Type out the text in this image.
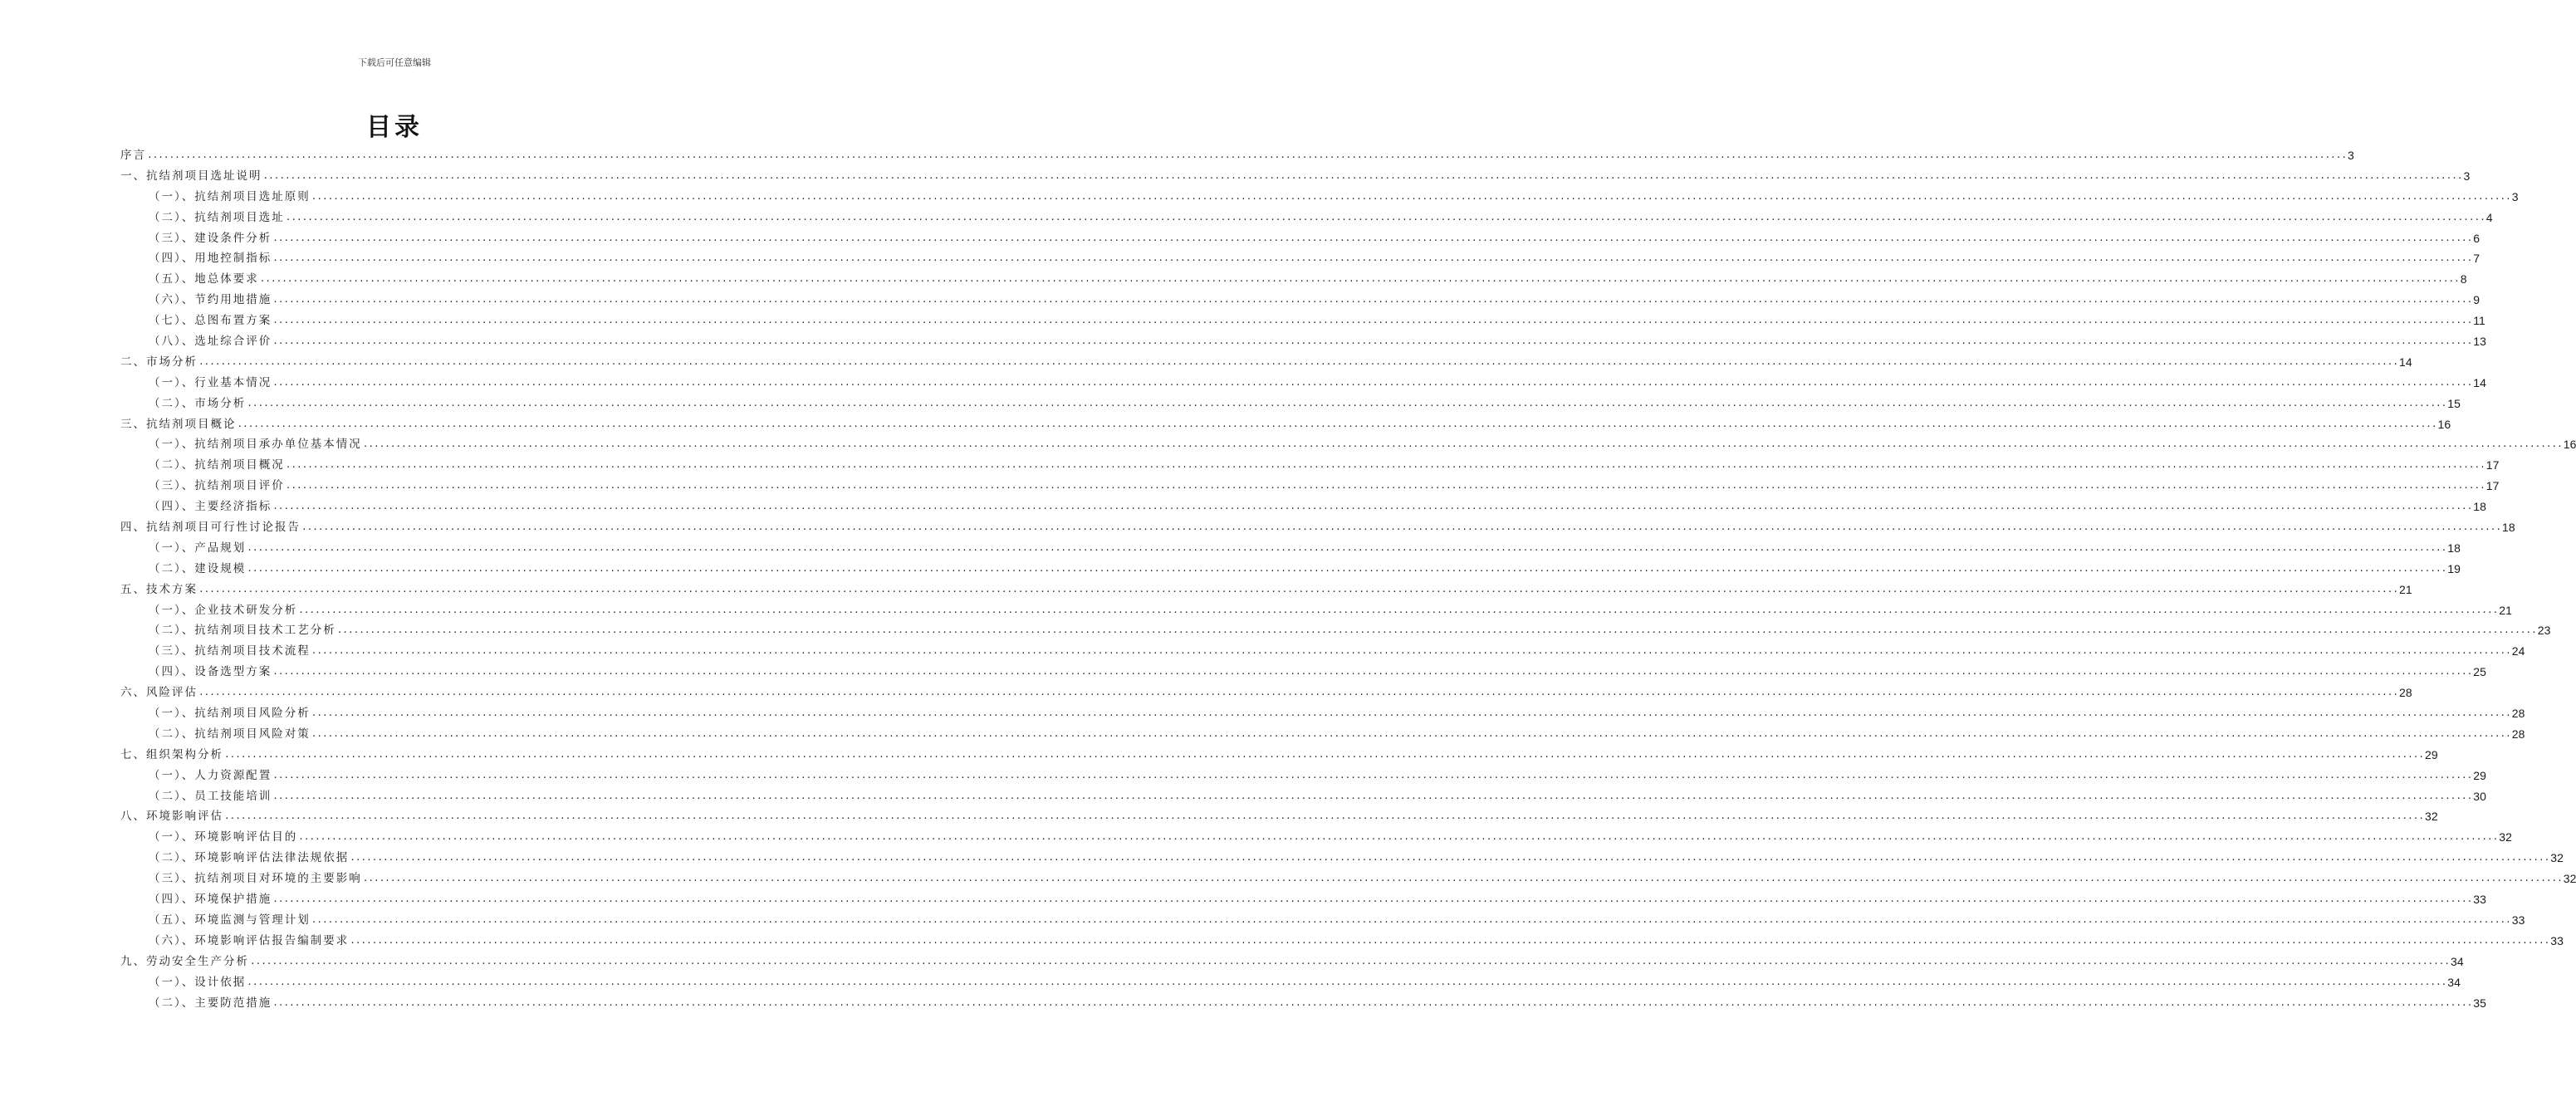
下载后可任意编辑
目录
序言 ................................................................................................................................................................................................................................................................................................................................................................................................................ 3
一、抗结剂项目选址说明 ................................................................................................................................................................................................................................................................................................................................................................................................................ 3
（一）、抗结剂项目选址原则 ................................................................................................................................................................................................................................................................................................................................................................................................................ 3
（二）、抗结剂项目选址 ................................................................................................................................................................................................................................................................................................................................................................................................................ 4
（三）、建设条件分析 ................................................................................................................................................................................................................................................................................................................................................................................................................ 6
（四）、用地控制指标 ................................................................................................................................................................................................................................................................................................................................................................................................................ 7
（五）、地总体要求 ................................................................................................................................................................................................................................................................................................................................................................................................................ 8
（六）、节约用地措施 ................................................................................................................................................................................................................................................................................................................................................................................................................ 9
（七）、总图布置方案 ................................................................................................................................................................................................................................................................................................................................................................................................................ 11
（八）、选址综合评价 ................................................................................................................................................................................................................................................................................................................................................................................................................ 13
二、市场分析 ................................................................................................................................................................................................................................................................................................................................................................................................................ 14
（一）、行业基本情况 ................................................................................................................................................................................................................................................................................................................................................................................................................ 14
（二）、市场分析 ................................................................................................................................................................................................................................................................................................................................................................................................................ 15
三、抗结剂项目概论 ................................................................................................................................................................................................................................................................................................................................................................................................................ 16
（一）、抗结剂项目承办单位基本情况 ................................................................................................................................................................................................................................................................................................................................................................................................................ 16
（二）、抗结剂项目概况 ................................................................................................................................................................................................................................................................................................................................................................................................................ 17
（三）、抗结剂项目评价 ................................................................................................................................................................................................................................................................................................................................................................................................................ 17
（四）、主要经济指标 ................................................................................................................................................................................................................................................................................................................................................................................................................ 18
四、抗结剂项目可行性讨论报告 ................................................................................................................................................................................................................................................................................................................................................................................................................ 18
（一）、产品规划 ................................................................................................................................................................................................................................................................................................................................................................................................................ 18
（二）、建设规模 ................................................................................................................................................................................................................................................................................................................................................................................................................ 19
五、技术方案 ................................................................................................................................................................................................................................................................................................................................................................................................................ 21
（一）、企业技术研发分析 ................................................................................................................................................................................................................................................................................................................................................................................................................ 21
（二）、抗结剂项目技术工艺分析 ................................................................................................................................................................................................................................................................................................................................................................................................................ 23
（三）、抗结剂项目技术流程 ................................................................................................................................................................................................................................................................................................................................................................................................................ 24
（四）、设备选型方案 ................................................................................................................................................................................................................................................................................................................................................................................................................ 25
六、风险评估 ................................................................................................................................................................................................................................................................................................................................................................................................................ 28
（一）、抗结剂项目风险分析 ................................................................................................................................................................................................................................................................................................................................................................................................................ 28
（二）、抗结剂项目风险对策 ................................................................................................................................................................................................................................................................................................................................................................................................................ 28
七、组织架构分析 ................................................................................................................................................................................................................................................................................................................................................................................................................ 29
（一）、人力资源配置 ................................................................................................................................................................................................................................................................................................................................................................................................................ 29
（二）、员工技能培训 ................................................................................................................................................................................................................................................................................................................................................................................................................ 30
八、环境影响评估 ................................................................................................................................................................................................................................................................................................................................................................................................................ 32
（一）、环境影响评估目的 ................................................................................................................................................................................................................................................................................................................................................................................................................ 32
（二）、环境影响评估法律法规依据 ................................................................................................................................................................................................................................................................................................................................................................................................................ 32
（三）、抗结剂项目对环境的主要影响 ................................................................................................................................................................................................................................................................................................................................................................................................................ 32
（四）、环境保护措施 ................................................................................................................................................................................................................................................................................................................................................................................................................ 33
（五）、环境监测与管理计划 ................................................................................................................................................................................................................................................................................................................................................................................................................ 33
（六）、环境影响评估报告编制要求 ................................................................................................................................................................................................................................................................................................................................................................................................................ 33
九、劳动安全生产分析 ................................................................................................................................................................................................................................................................................................................................................................................................................ 34
（一）、设计依据 ................................................................................................................................................................................................................................................................................................................................................................................................................ 34
（二）、主要防范措施 ................................................................................................................................................................................................................................................................................................................................................................................................................ 35
